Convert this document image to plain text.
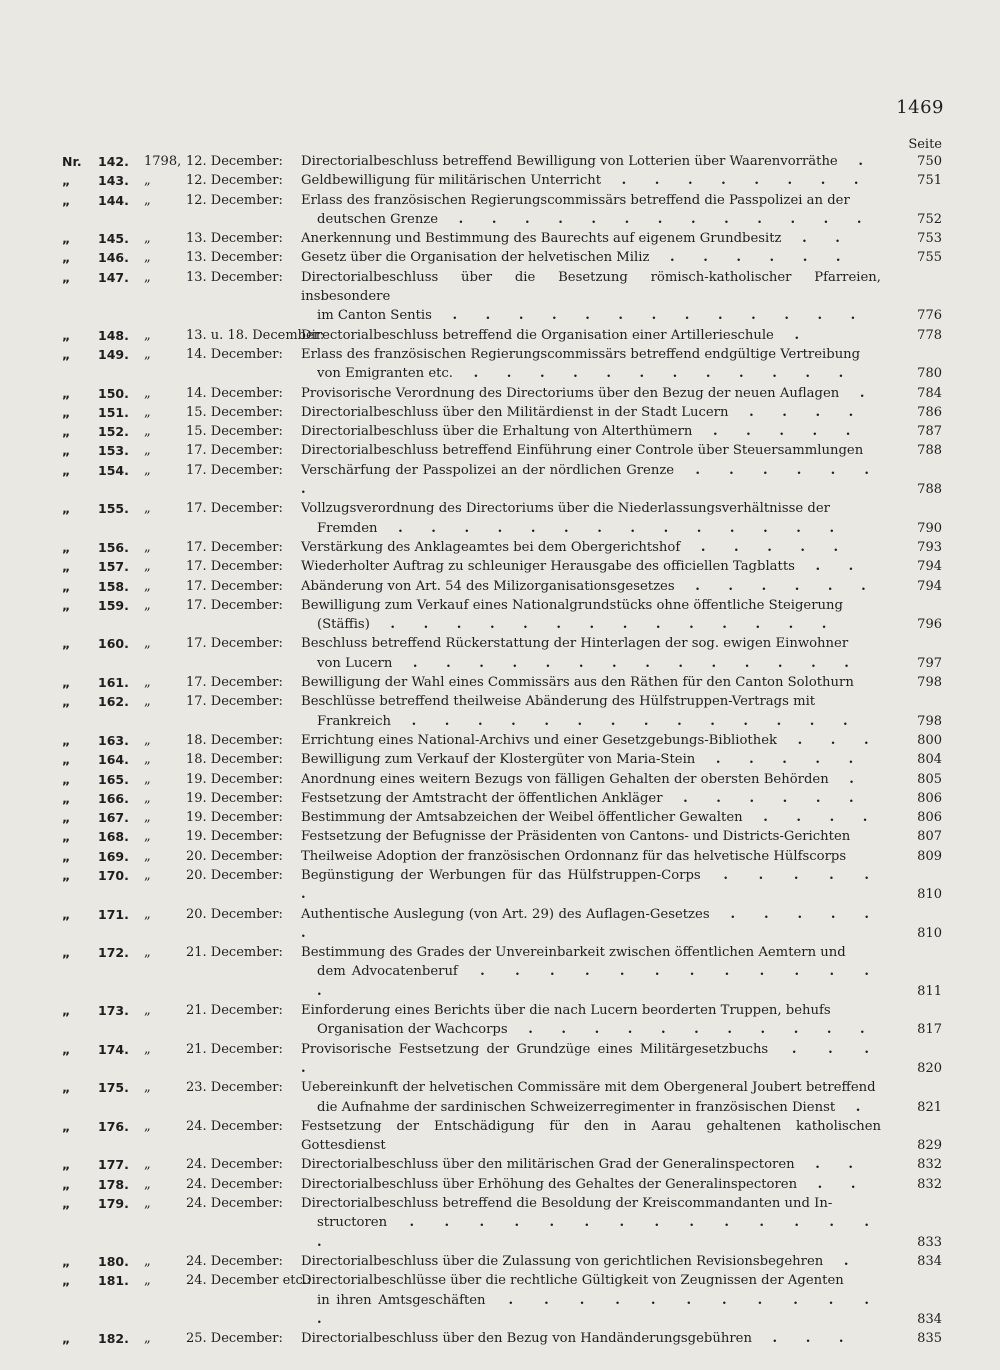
1469
Seite
Nr.	142. 1798, 12. December:	Directorialbeschluss betreffend Bewilligung von Lotterien über Waarenvorräthe .	750
„	143. „	12. December:	Geldbewilligung für militärischen Unterricht . . . . . . . .	751
„	144. „	12. December:	Erlass des französischen Regierungscommissärs betreffend die Passpolizei an der
deutschen Grenze . . . . . . . . . . . . .	752
„	145. „	13. December:	Anerkennung und Bestimmung des Baurechts auf eigenem Grundbesitz . .	753
„	146. „	13. December:	Gesetz über die Organisation der helvetischen Miliz . . . . . .	755
„	147. „	13. December:	Directorialbeschluss über die Besetzung römisch-katholischer Pfarreien, insbesondere
im Canton Sentis . . . . . . . . . . . . .	776
„	148. „	13. u. 18. December:
Directorialbeschluss betreffend die Organisation einer Artillerieschule .	778
„	149. „	14. December:	Erlass des französischen Regierungscommissärs betreffend endgültige Vertreibung
von Emigranten etc. . . . . . . . . . . . .	780
„	150. „	14. December:	Provisorische Verordnung des Directoriums über den Bezug der neuen Auflagen .	784
„	151. „	15. December:	Directorialbeschluss über den Militärdienst in der Stadt Lucern . . . .	786
„	152. „	15. December:	Directorialbeschluss über die Erhaltung von Alterthümern . . . . .	787
„	153. „	17. December:	Directorialbeschluss betreffend Einführung einer Controle über Steuersammlungen	788
„	154. „	17. December:	Verschärfung der Passpolizei an der nördlichen Grenze . . . . . . .	788
„	155. „	17. December:	Vollzugsverordnung des Directoriums über die Niederlassungsverhältnisse der
Fremden . . . . . . . . . . . . . .	790
„	156. „	17. December:	Verstärkung des Anklageamtes bei dem Obergerichtshof . . . . .	793
„	157. „	17. December:	Wiederholter Auftrag zu schleuniger Herausgabe des officiellen Tagblatts . .	794
„	158. „	17. December:	Abänderung von Art. 54 des Milizorganisationsgesetzes . . . . . .	794
„	159. „	17. December:	Bewilligung zum Verkauf eines Nationalgrundstücks ohne öffentliche Steigerung
(Stäffis) . . . . . . . . . . . . . .	796
„	160. „	17. December:	Beschluss betreffend Rückerstattung der Hinterlagen der sog. ewigen Einwohner
von Lucern . . . . . . . . . . . . . .	797
„	161. „	17. December:	Bewilligung der Wahl eines Commissärs aus den Räthen für den Canton Solothurn	798
„	162. „	17. December:	Beschlüsse betreffend theilweise Abänderung des Hülfstruppen-Vertrags mit
Frankreich . . . . . . . . . . . . . .	798
„	163. „	18. December:	Errichtung eines National-Archivs und einer Gesetzgebungs-Bibliothek . . .	800
„	164. „	18. December:	Bewilligung zum Verkauf der Klostergüter von Maria-Stein . . . . .	804
„	165. „	19. December:	Anordnung eines weitern Bezugs von fälligen Gehalten der obersten Behörden .	805
„	166. „	19. December:	Festsetzung der Amtstracht der öffentlichen Ankläger . . . . . .	806
„	167. „	19. December:	Bestimmung der Amtsabzeichen der Weibel öffentlicher Gewalten . . . .	806
„	168. „	19. December:	Festsetzung der Befugnisse der Präsidenten von Cantons- und Districts-Gerichten	807
„	169. „	20. December:	Theilweise Adoption der französischen Ordonnanz für das helvetische Hülfscorps	809
„	170. „	20. December:	Begünstigung der Werbungen für das Hülfstruppen-Corps . . . . . .	810
„	171. „	20. December:	Authentische Auslegung (von Art. 29) des Auflagen-Gesetzes . . . . . .	810
„	172. „	21. December:	Bestimmung des Grades der Unvereinbarkeit zwischen öffentlichen Aemtern und
dem Advocatenberuf . . . . . . . . . . . . .	811
„	173. „	21. December:	Einforderung eines Berichts über die nach Lucern beorderten Truppen, behufs
Organisation der Wachcorps . . . . . . . . . . .	817
„	174. „	21. December:	Provisorische Festsetzung der Grundzüge eines Militärgesetzbuchs . . . .	820
„	175. „	23. December:	Uebereinkunft der helvetischen Commissäre mit dem Obergeneral Joubert betreffend
die Aufnahme der sardinischen Schweizerregimenter in französischen Dienst .	821
„	176. „	24. December:	Festsetzung der Entschädigung für den in Aarau gehaltenen katholischen Gottesdienst	829
„	177. „	24. December:	Directorialbeschluss über den militärischen Grad der Generalinspectoren . .	832
„	178. „	24. December:	Directorialbeschluss über Erhöhung des Gehaltes der Generalinspectoren . .	832
„	179. „	24. December:	Directorialbeschluss betreffend die Besoldung der Kreiscommandanten und In-
structoren . . . . . . . . . . . . . . .	833
„	180. „	24. December:	Directorialbeschluss über die Zulassung von gerichtlichen Revisionsbegehren .	834
„	181. „	24. December etc.:
Directorialbeschlüsse über die rechtliche Gültigkeit von Zeugnissen der Agenten
in ihren Amtsgeschäften . . . . . . . . . . . .	834
„	182. „	25. December:	Directorialbeschluss über den Bezug von Handänderungsgebühren . . .	835
